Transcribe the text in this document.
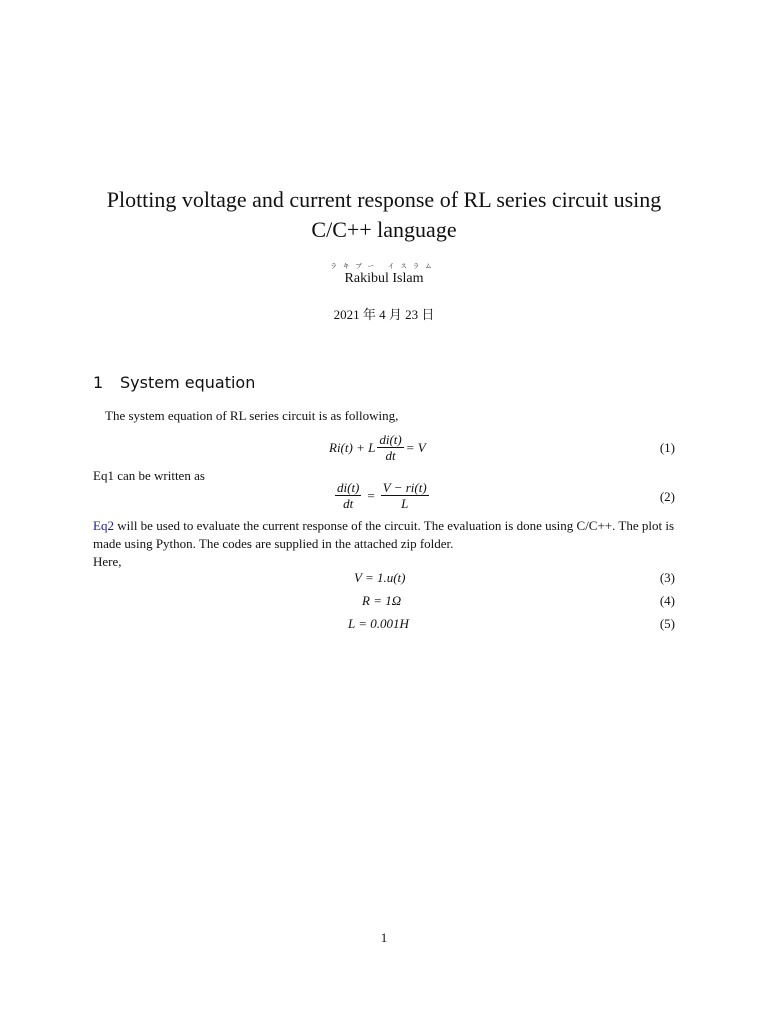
Plotting voltage and current response of RL series circuit using
C/C++ language
ラキブー イスラム
Rakibul Islam
2021 年 4 月 23 日
1 System equation
The system equation of RL series circuit is as following,
Ri(t) + L $\frac{di(t)}{dt} = V$	(1)
Eq1 can be written as
$\frac{di(t)}{dt} = \frac{V - ri(t)}{L}$	(2)
Eq2 will be used to evaluate the current response of the circuit. The evaluation is done using C/C++. The plot is made using Python. The codes are supplied in the attached zip folder.
Here,
V = 1.u(t)	(3)
R = 1Ω	(4)
L = 0.001H	(5)
1
